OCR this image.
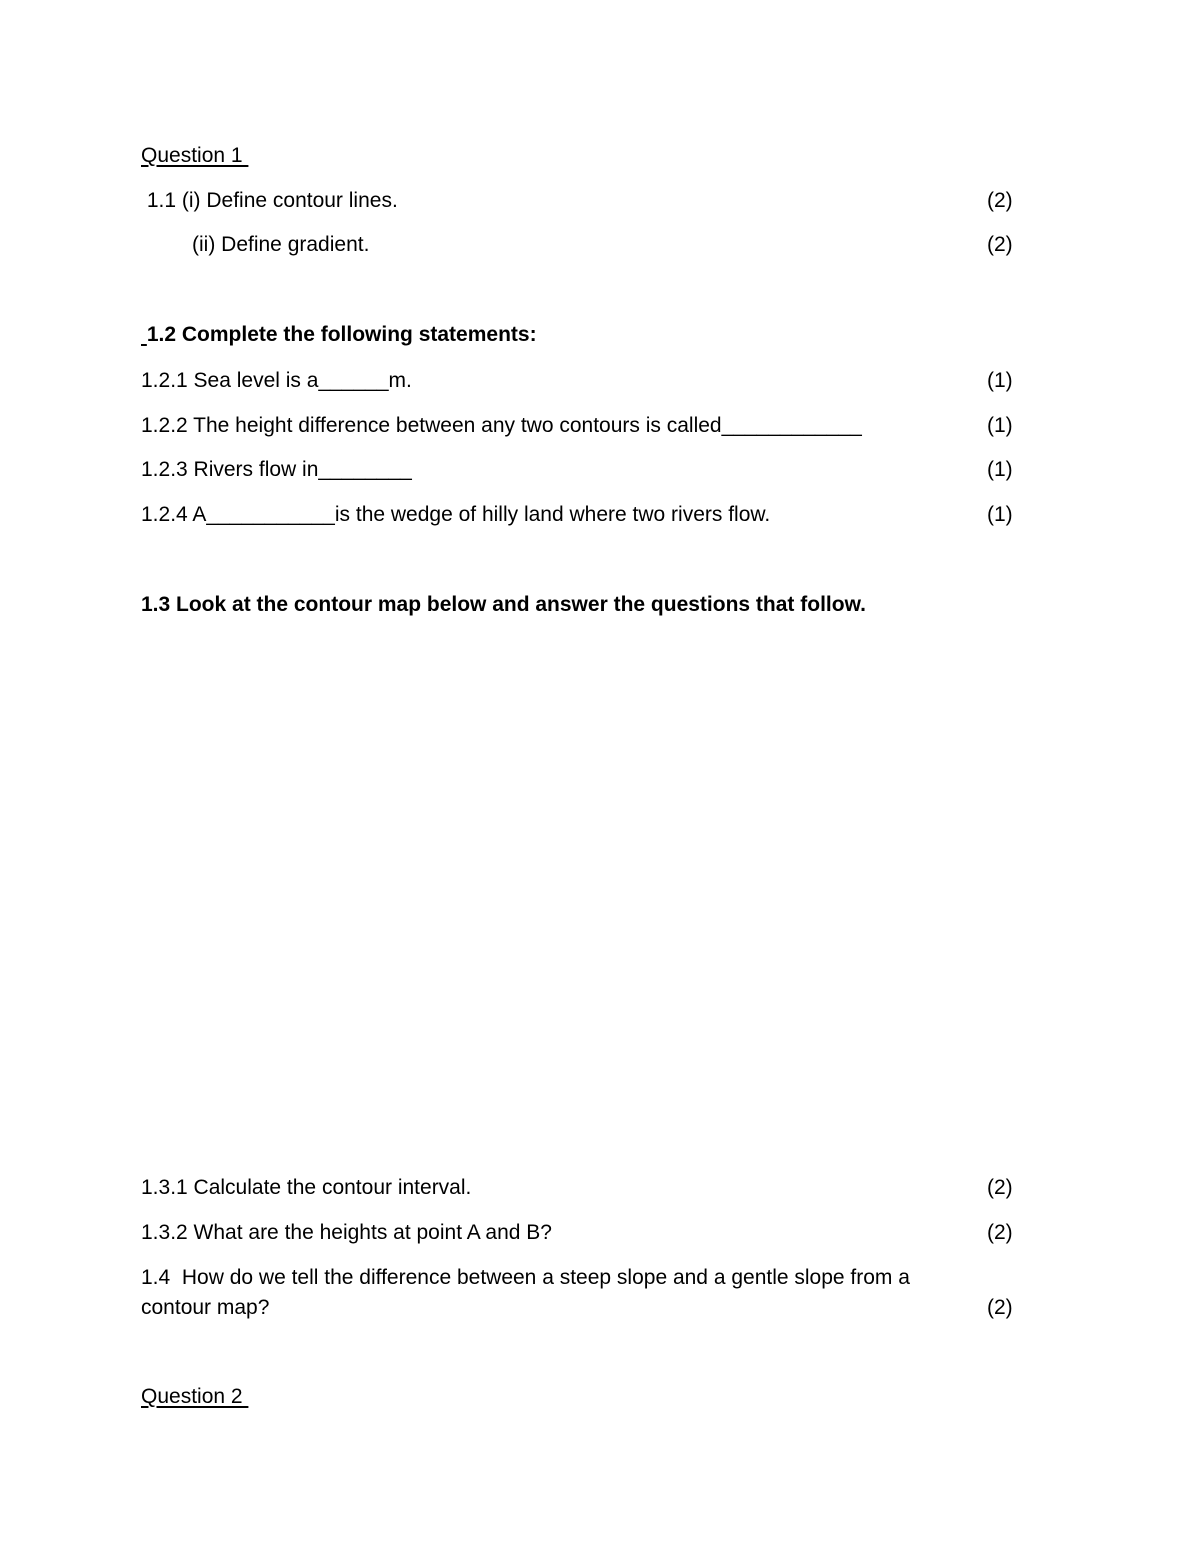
Question 1
1.1 (i) Define contour lines.	(2)
(ii) Define gradient.	(2)
1.2 Complete the following statements:
1.2.1 Sea level is a______m.	(1)
1.2.2 The height difference between any two contours is called____________	(1)
1.2.3 Rivers flow in________	(1)
1.2.4 A___________is the wedge of hilly land where two rivers flow.	(1)
1.3 Look at the contour map below and answer the questions that follow.
1.3.1 Calculate the contour interval.	(2)
1.3.2 What are the heights at point A and B?	(2)
1.4  How do we tell the difference between a steep slope and a gentle slope from a
contour map?	(2)
Question 2
